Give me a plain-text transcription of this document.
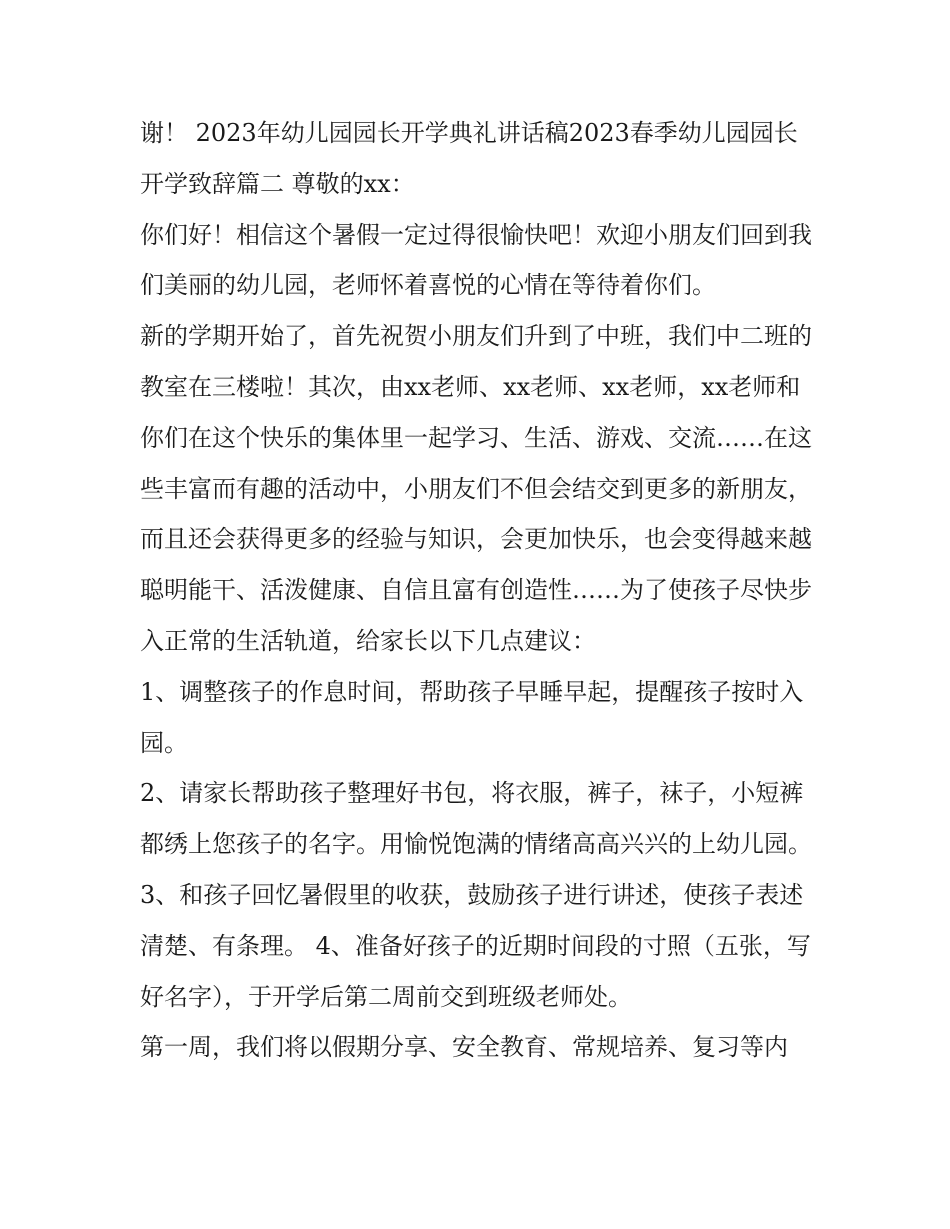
谢！ 2023年幼儿园园长开学典礼讲话稿2023春季幼儿园园长开学致辞篇二 尊敬的xx：

你们好！相信这个暑假一定过得很愉快吧！欢迎小朋友们回到我们美丽的幼儿园，老师怀着喜悦的心情在等待着你们。

新的学期开始了，首先祝贺小朋友们升到了中班，我们中二班的教室在三楼啦！其次，由xx老师、xx老师、xx老师，xx老师和你们在这个快乐的集体里一起学习、生活、游戏、交流……在这些丰富而有趣的活动中，小朋友们不但会结交到更多的新朋友，而且还会获得更多的经验与知识，会更加快乐，也会变得越来越聪明能干、活泼健康、自信且富有创造性……为了使孩子尽快步入正常的生活轨道，给家长以下几点建议：

1、调整孩子的作息时间，帮助孩子早睡早起，提醒孩子按时入园。

2、请家长帮助孩子整理好书包，将衣服，裤子，袜子，小短裤都绣上您孩子的名字。用愉悦饱满的情绪高高兴兴的上幼儿园。

3、和孩子回忆暑假里的收获，鼓励孩子进行讲述，使孩子表述清楚、有条理。 4、准备好孩子的近期时间段的寸照（五张，写好名字），于开学后第二周前交到班级老师处。

第一周，我们将以假期分享、安全教育、常规培养、复习等内
